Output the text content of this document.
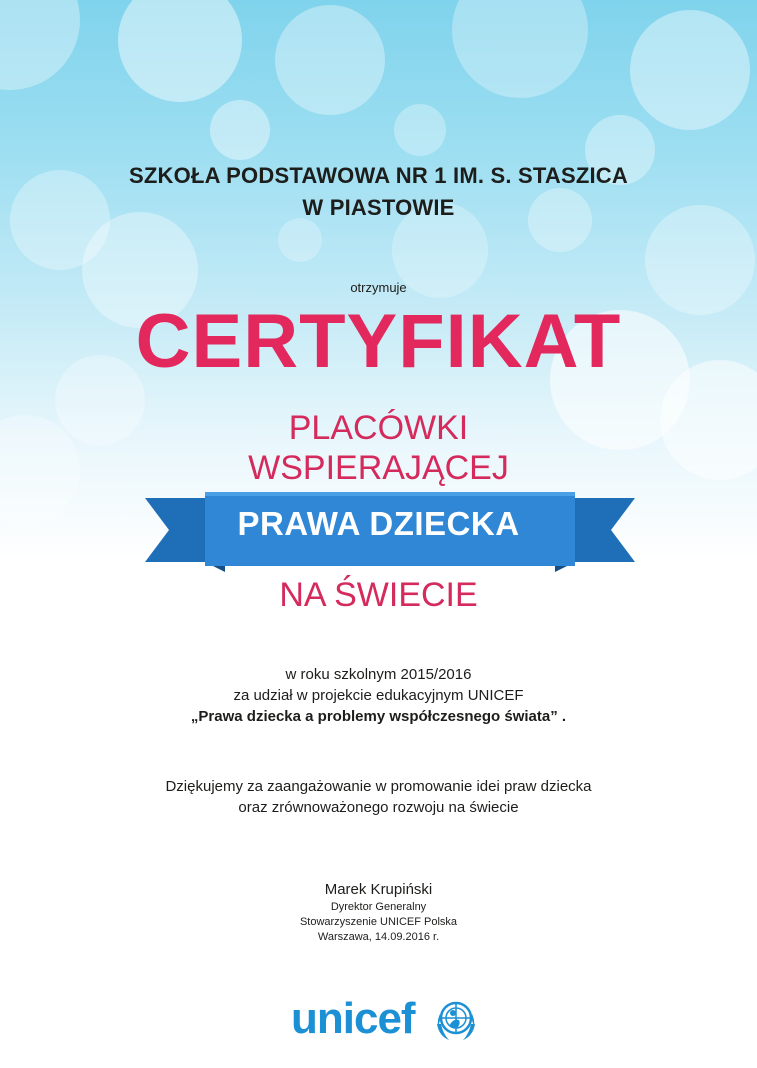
SZKOŁA PODSTAWOWA NR 1 IM. S. STASZICA
W PIASTOWIE
otrzymuje
CERTYFIKAT
PLACÓWKI
WSPIERAJĄCEJ
PRAWA DZIECKA
NA ŚWIECIE
w roku szkolnym 2015/2016
za udział w projekcie edukacyjnym UNICEF
„Prawa dziecka a problemy współczesnego świata” .
Dziękujemy za zaangażowanie w promowanie idei praw dziecka
oraz zrównoważonego rozwoju na świecie
Marek Krupiński
Dyrektor Generalny
Stowarzyszenie UNICEF Polska
Warszawa, 14.09.2016 r.
unicef
